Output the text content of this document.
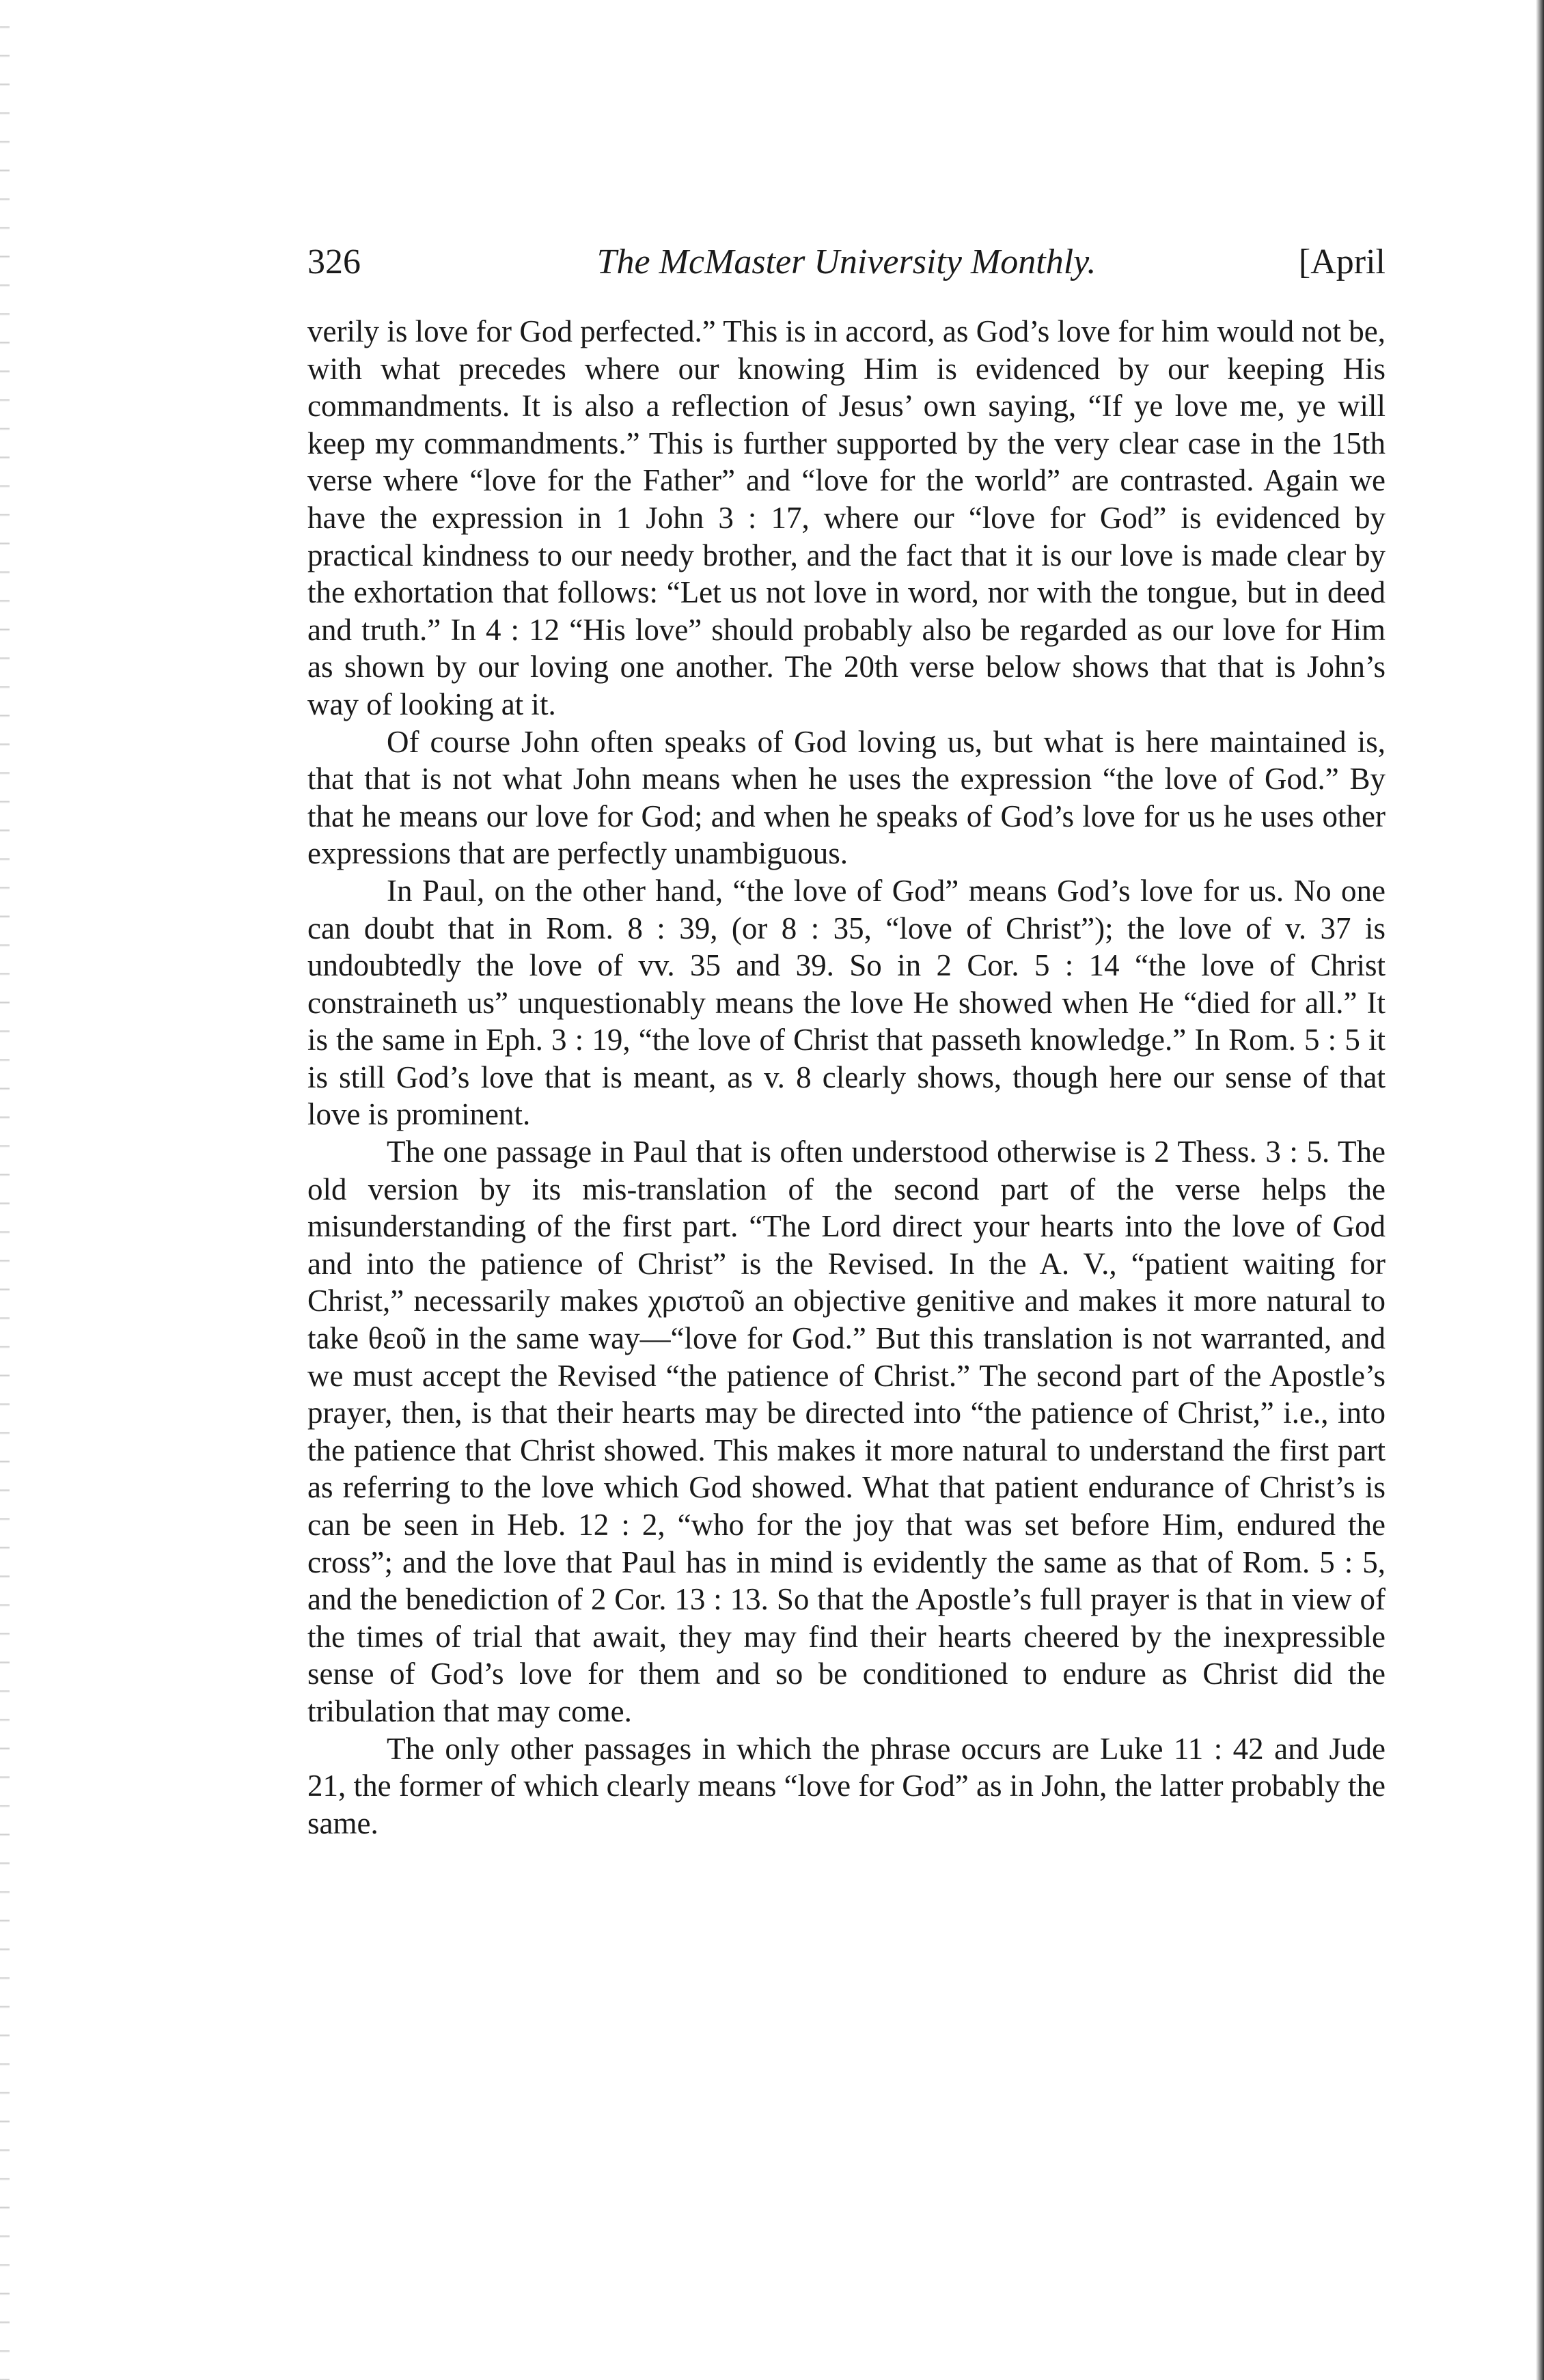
326	The McMaster University Monthly.	[April

verily is love for God perfected.” This is in accord, as God’s love for him would not be, with what precedes where our knowing Him is evidenced by our keeping His commandments. It is also a reflection of Jesus’ own saying, “If ye love me, ye will keep my commandments.” This is further supported by the very clear case in the 15th verse where “love for the Father” and “love for the world” are contrasted. Again we have the expression in 1 John 3 : 17, where our “love for God” is evidenced by practical kindness to our needy brother, and the fact that it is our love is made clear by the exhortation that follows: “Let us not love in word, nor with the tongue, but in deed and truth.” In 4 : 12 “His love” should probably also be regarded as our love for Him as shown by our loving one another. The 20th verse below shows that that is John’s way of looking at it.

Of course John often speaks of God loving us, but what is here maintained is, that that is not what John means when he uses the expression “the love of God.” By that he means our love for God; and when he speaks of God’s love for us he uses other expressions that are perfectly unambiguous.

In Paul, on the other hand, “the love of God” means God’s love for us. No one can doubt that in Rom. 8 : 39, (or 8 : 35, “love of Christ”); the love of v. 37 is undoubtedly the love of vv. 35 and 39. So in 2 Cor. 5 : 14 “the love of Christ constraineth us” unquestionably means the love He showed when He “died for all.” It is the same in Eph. 3 : 19, “the love of Christ that passeth knowledge.” In Rom. 5 : 5 it is still God’s love that is meant, as v. 8 clearly shows, though here our sense of that love is prominent.

The one passage in Paul that is often understood otherwise is 2 Thess. 3 : 5. The old version by its mis-translation of the second part of the verse helps the misunderstanding of the first part. “The Lord direct your hearts into the love of God and into the patience of Christ” is the Revised. In the A. V., “patient waiting for Christ,” necessarily makes χριστοῦ an objective genitive and makes it more natural to take θεοῦ in the same way—“love for God.” But this translation is not warranted, and we must accept the Revised “the patience of Christ.” The second part of the Apostle’s prayer, then, is that their hearts may be directed into “the patience of Christ,” i.e., into the patience that Christ showed. This makes it more natural to understand the first part as referring to the love which God showed. What that patient endurance of Christ’s is can be seen in Heb. 12 : 2, “who for the joy that was set before Him, endured the cross”; and the love that Paul has in mind is evidently the same as that of Rom. 5 : 5, and the benediction of 2 Cor. 13 : 13. So that the Apostle’s full prayer is that in view of the times of trial that await, they may find their hearts cheered by the inexpressible sense of God’s love for them and so be conditioned to endure as Christ did the tribulation that may come.

The only other passages in which the phrase occurs are Luke 11 : 42 and Jude 21, the former of which clearly means “love for God” as in John, the latter probably the same.
